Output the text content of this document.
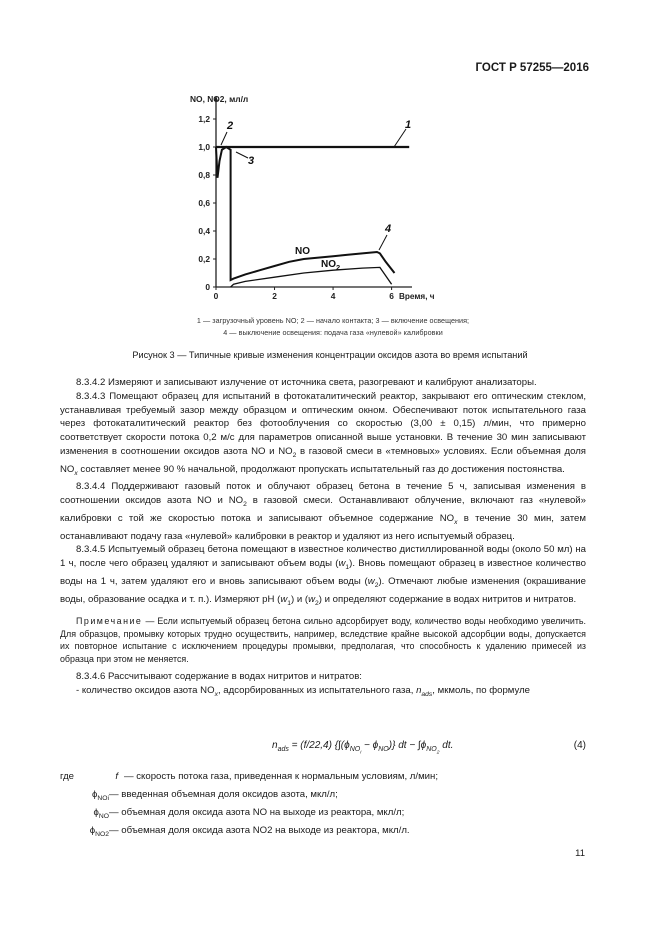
ГОСТ Р 57255—2016
0
0,2
0,4
0,6
0,8
1,0
1,2
0	2	4	6
NO, NO2, мл/л
Время, ч
1
2
3
4
NO
$NO_2$
1 — загрузочный уровень NO; 2 — начало контакта; 3 — включение освещения;
4 — выключение освещения: подача газа «нулевой» калибровки
Рисунок 3 — Типичные кривые изменения концентрации оксидов азота во время испытаний

8.3.4.2 Измеряют и записывают излучение от источника света, разогревают и калибруют анализаторы.

8.3.4.3 Помещают образец для испытаний в фотокаталитический реактор, закрывают его оптическим стеклом, устанавливая требуемый зазор между образцом и оптическим окном. Обеспечивают поток испытательного газа через фотокаталитический реактор без фотооблучения со скоростью (3,00 ± 0,15) л/мин, что примерно соответствует скорости потока 0,2 м/с для параметров описанной выше установки. В течение 30 мин записывают изменения в соотношении оксидов азота NO и $NO_2$ в газовой смеси в «темновых» условиях. Если объемная доля $NO_x$ составляет менее 90 % начальной, продолжают пропускать испытательный газ до достижения постоянства.

8.3.4.4 Поддерживают газовый поток и облучают образец бетона в течение 5 ч, записывая изменения в соотношении оксидов азота NO и $NO_2$ в газовой смеси. Останавливают облучение, включают газ «нулевой» калибровки с той же скоростью потока и записывают объемное содержание $NO_x$ в течение 30 мин, затем останавливают подачу газа «нулевой» калибровки в реактор и удаляют из него испытуемый образец.

8.3.4.5 Испытуемый образец бетона помещают в известное количество дистиллированной воды (около 50 мл) на 1 ч, после чего образец удаляют и записывают объем воды $(w_1)$. Вновь помещают образец в известное количество воды на 1 ч, затем удаляют его и вновь записывают объем воды $(w_2)$. Отмечают любые изменения (окрашивание воды, образование осадка и т. п.). Измеряют рН $(w_1)$ и $(w_2)$ и определяют содержание в водах нитритов и нитратов.

Примечание — Если испытуемый образец бетона сильно адсорбирует воду, количество воды необходимо увеличить. Для образцов, промывку которых трудно осуществить, например, вследствие крайне высокой адсорбции воды, допускается их повторное испытание с исключением процедуры промывки, предполагая, что способность к удалению примесей из образца при этом не меняется.

8.3.4.6 Рассчитывают содержание в водах нитритов и нитратов:

- количество оксидов азота $NO_x$, адсорбированных из испытательного газа, $n_{ads}$, мкмоль, по формуле

$n_{ads} = (f/22,4) \{\int(\phi_{NO_i} - \phi_{NO})\}$ dt − $\int\phi_{NO_2}$ dt.	(4)
где	f — скорость потока газа, приведенная к нормальным условиям, л/мин;
$\phi_{NOi}$ — введенная объемная доля оксидов азота, мкл/л;
$\phi_{NO}$ — объемная доля оксида азота NO на выходе из реактора, мкл/л;
$\phi_{NO2}$ — объемная доля оксида азота NO2 на выходе из реактора, мкл/л.
11
